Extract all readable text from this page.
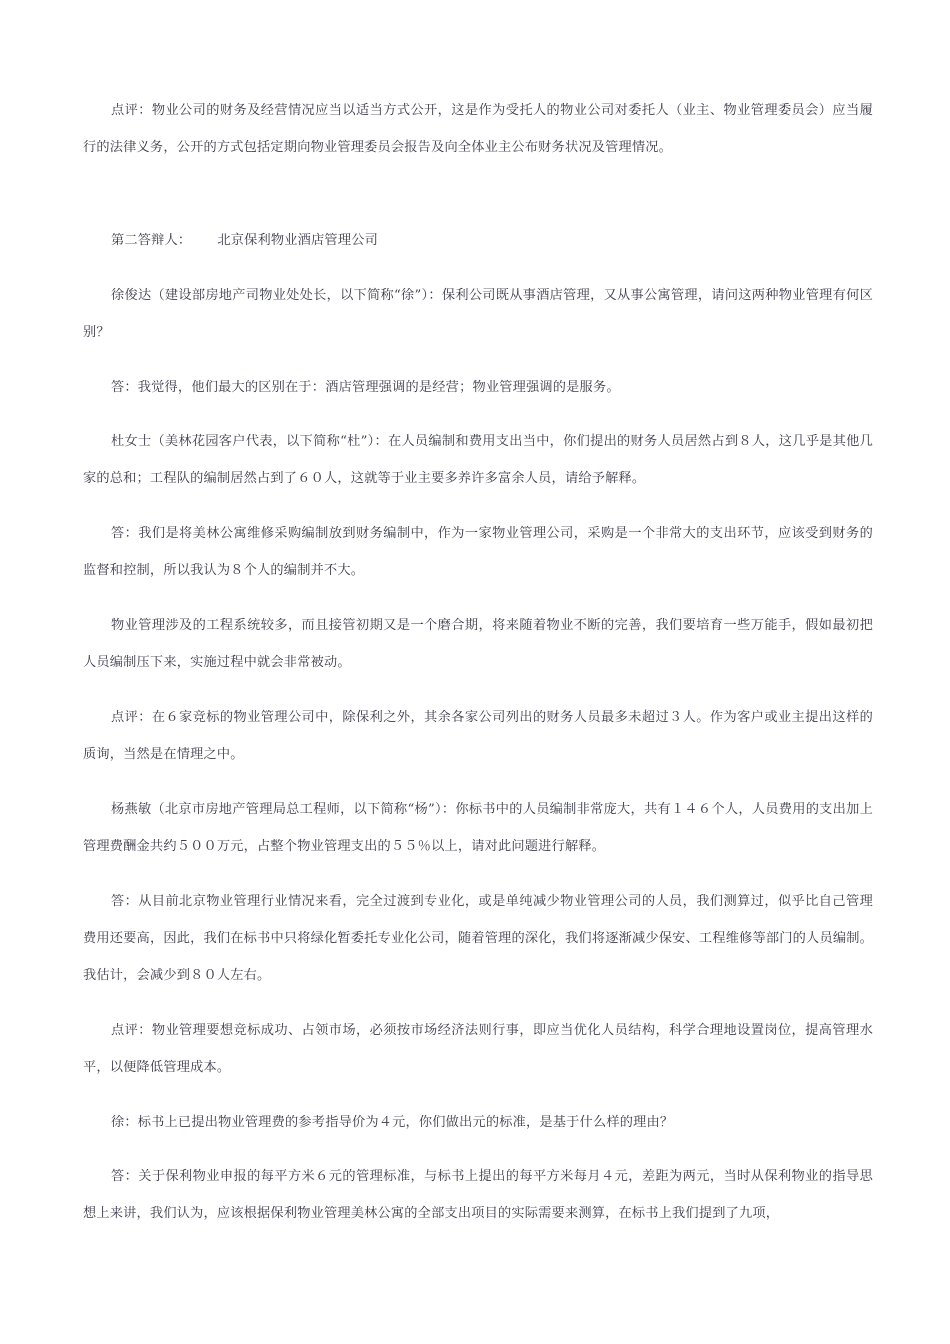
点评：物业公司的财务及经营情况应当以适当方式公开，这是作为受托人的物业公司对委托人（业主、物业管理委员会）应当履行的法律义务，公开的方式包括定期向物业管理委员会报告及向全体业主公布财务状况及管理情况。

第二答辩人： 北京保利物业酒店管理公司

徐俊达（建设部房地产司物业处处长，以下简称“徐”）：保利公司既从事酒店管理，又从事公寓管理，请问这两种物业管理有何区别？

答：我觉得，他们最大的区别在于：酒店管理强调的是经营；物业管理强调的是服务。

杜女士（美林花园客户代表，以下简称“杜”）：在人员编制和费用支出当中，你们提出的财务人员居然占到８人，这几乎是其他几家的总和；工程队的编制居然占到了６０人，这就等于业主要多养许多富余人员，请给予解释。

答：我们是将美林公寓维修采购编制放到财务编制中，作为一家物业管理公司，采购是一个非常大的支出环节，应该受到财务的监督和控制，所以我认为８个人的编制并不大。

物业管理涉及的工程系统较多，而且接管初期又是一个磨合期，将来随着物业不断的完善，我们要培育一些万能手，假如最初把人员编制压下来，实施过程中就会非常被动。

点评：在６家竞标的物业管理公司中，除保利之外，其余各家公司列出的财务人员最多未超过３人。作为客户或业主提出这样的质询，当然是在情理之中。

杨燕敏（北京市房地产管理局总工程师，以下简称“杨”）：你标书中的人员编制非常庞大，共有１４６个人，人员费用的支出加上管理费酬金共约５００万元，占整个物业管理支出的５５％以上，请对此问题进行解释。

答：从目前北京物业管理行业情况来看，完全过渡到专业化，或是单纯减少物业管理公司的人员，我们测算过，似乎比自己管理费用还要高，因此，我们在标书中只将绿化暂委托专业化公司，随着管理的深化，我们将逐渐减少保安、工程维修等部门的人员编制。我估计，会减少到８０人左右。

点评：物业管理要想竞标成功、占领市场，必须按市场经济法则行事，即应当优化人员结构，科学合理地设置岗位，提高管理水平，以便降低管理成本。

徐：标书上已提出物业管理费的参考指导价为４元，你们做出元的标准，是基于什么样的理由？

答：关于保利物业申报的每平方米６元的管理标准，与标书上提出的每平方米每月４元，差距为两元，当时从保利物业的指导思想上来讲，我们认为，应该根据保利物业管理美林公寓的全部支出项目的实际需要来测算，在标书上我们提到了九项，
